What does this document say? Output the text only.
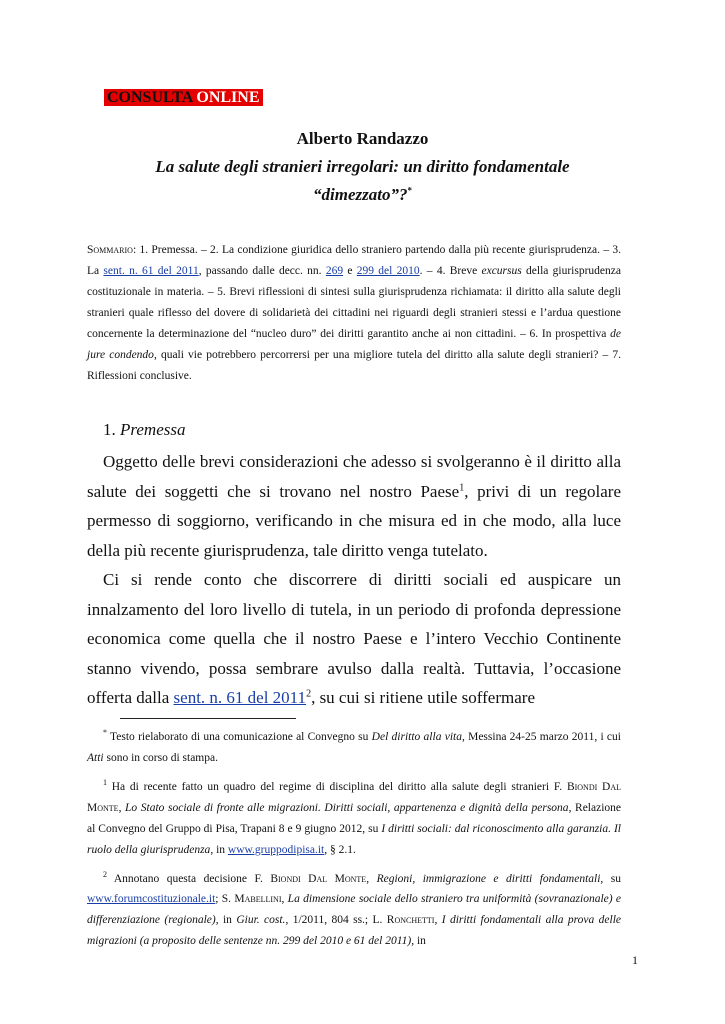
CONSULTA ONLINE
Alberto Randazzo
La salute degli stranieri irregolari: un diritto fondamentale
“dimezzato”?*
Sommario: 1. Premessa. – 2. La condizione giuridica dello straniero partendo dalla più recente giurisprudenza. – 3. La sent. n. 61 del 2011, passando dalle decc. nn. 269 e 299 del 2010. – 4. Breve excursus della giurisprudenza costituzionale in materia. – 5. Brevi riflessioni di sintesi sulla giurisprudenza richiamata: il diritto alla salute degli stranieri quale riflesso del dovere di solidarietà dei cittadini nei riguardi degli stranieri stessi e l’ardua questione concernente la determinazione del “nucleo duro” dei diritti garantito anche ai non cittadini. – 6. In prospettiva de jure condendo, quali vie potrebbero percorrersi per una migliore tutela del diritto alla salute degli stranieri? – 7. Riflessioni conclusive.
1. Premessa

Oggetto delle brevi considerazioni che adesso si svolgeranno è il diritto alla salute dei soggetti che si trovano nel nostro Paese$^1$, privi di un regolare permesso di soggiorno, verificando in che misura ed in che modo, alla luce della più recente giurisprudenza, tale diritto venga tutelato.

Ci si rende conto che discorrere di diritti sociali ed auspicare un innalzamento del loro livello di tutela, in un periodo di profonda depressione economica come quella che il nostro Paese e l’intero Vecchio Continente stanno vivendo, possa sembrare avulso dalla realtà. Tuttavia, l’occasione offerta dalla sent. n. 61 del 2011$^2$, su cui si ritiene utile soffermare

* Testo rielaborato di una comunicazione al Convegno su Del diritto alla vita, Messina 24-25 marzo 2011, i cui Atti sono in corso di stampa.

$^1$ Ha di recente fatto un quadro del regime di disciplina del diritto alla salute degli stranieri F. Biondi Dal Monte, Lo Stato sociale di fronte alle migrazioni. Diritti sociali, appartenenza e dignità della persona, Relazione al Convegno del Gruppo di Pisa, Trapani 8 e 9 giugno 2012, su I diritti sociali: dal riconoscimento alla garanzia. Il ruolo della giurisprudenza, in www.gruppodipisa.it, § 2.1.

$^2$ Annotano questa decisione F. Biondi Dal Monte, Regioni, immigrazione e diritti fondamentali, su www.forumcostituzionale.it; S. Mabellini, La dimensione sociale dello straniero tra uniformità (sovranazionale) e differenziazione (regionale), in Giur. cost., 1/2011, 804 ss.; L. Ronchetti, I diritti fondamentali alla prova delle migrazioni (a proposito delle sentenze nn. 299 del 2010 e 61 del 2011), in

1
